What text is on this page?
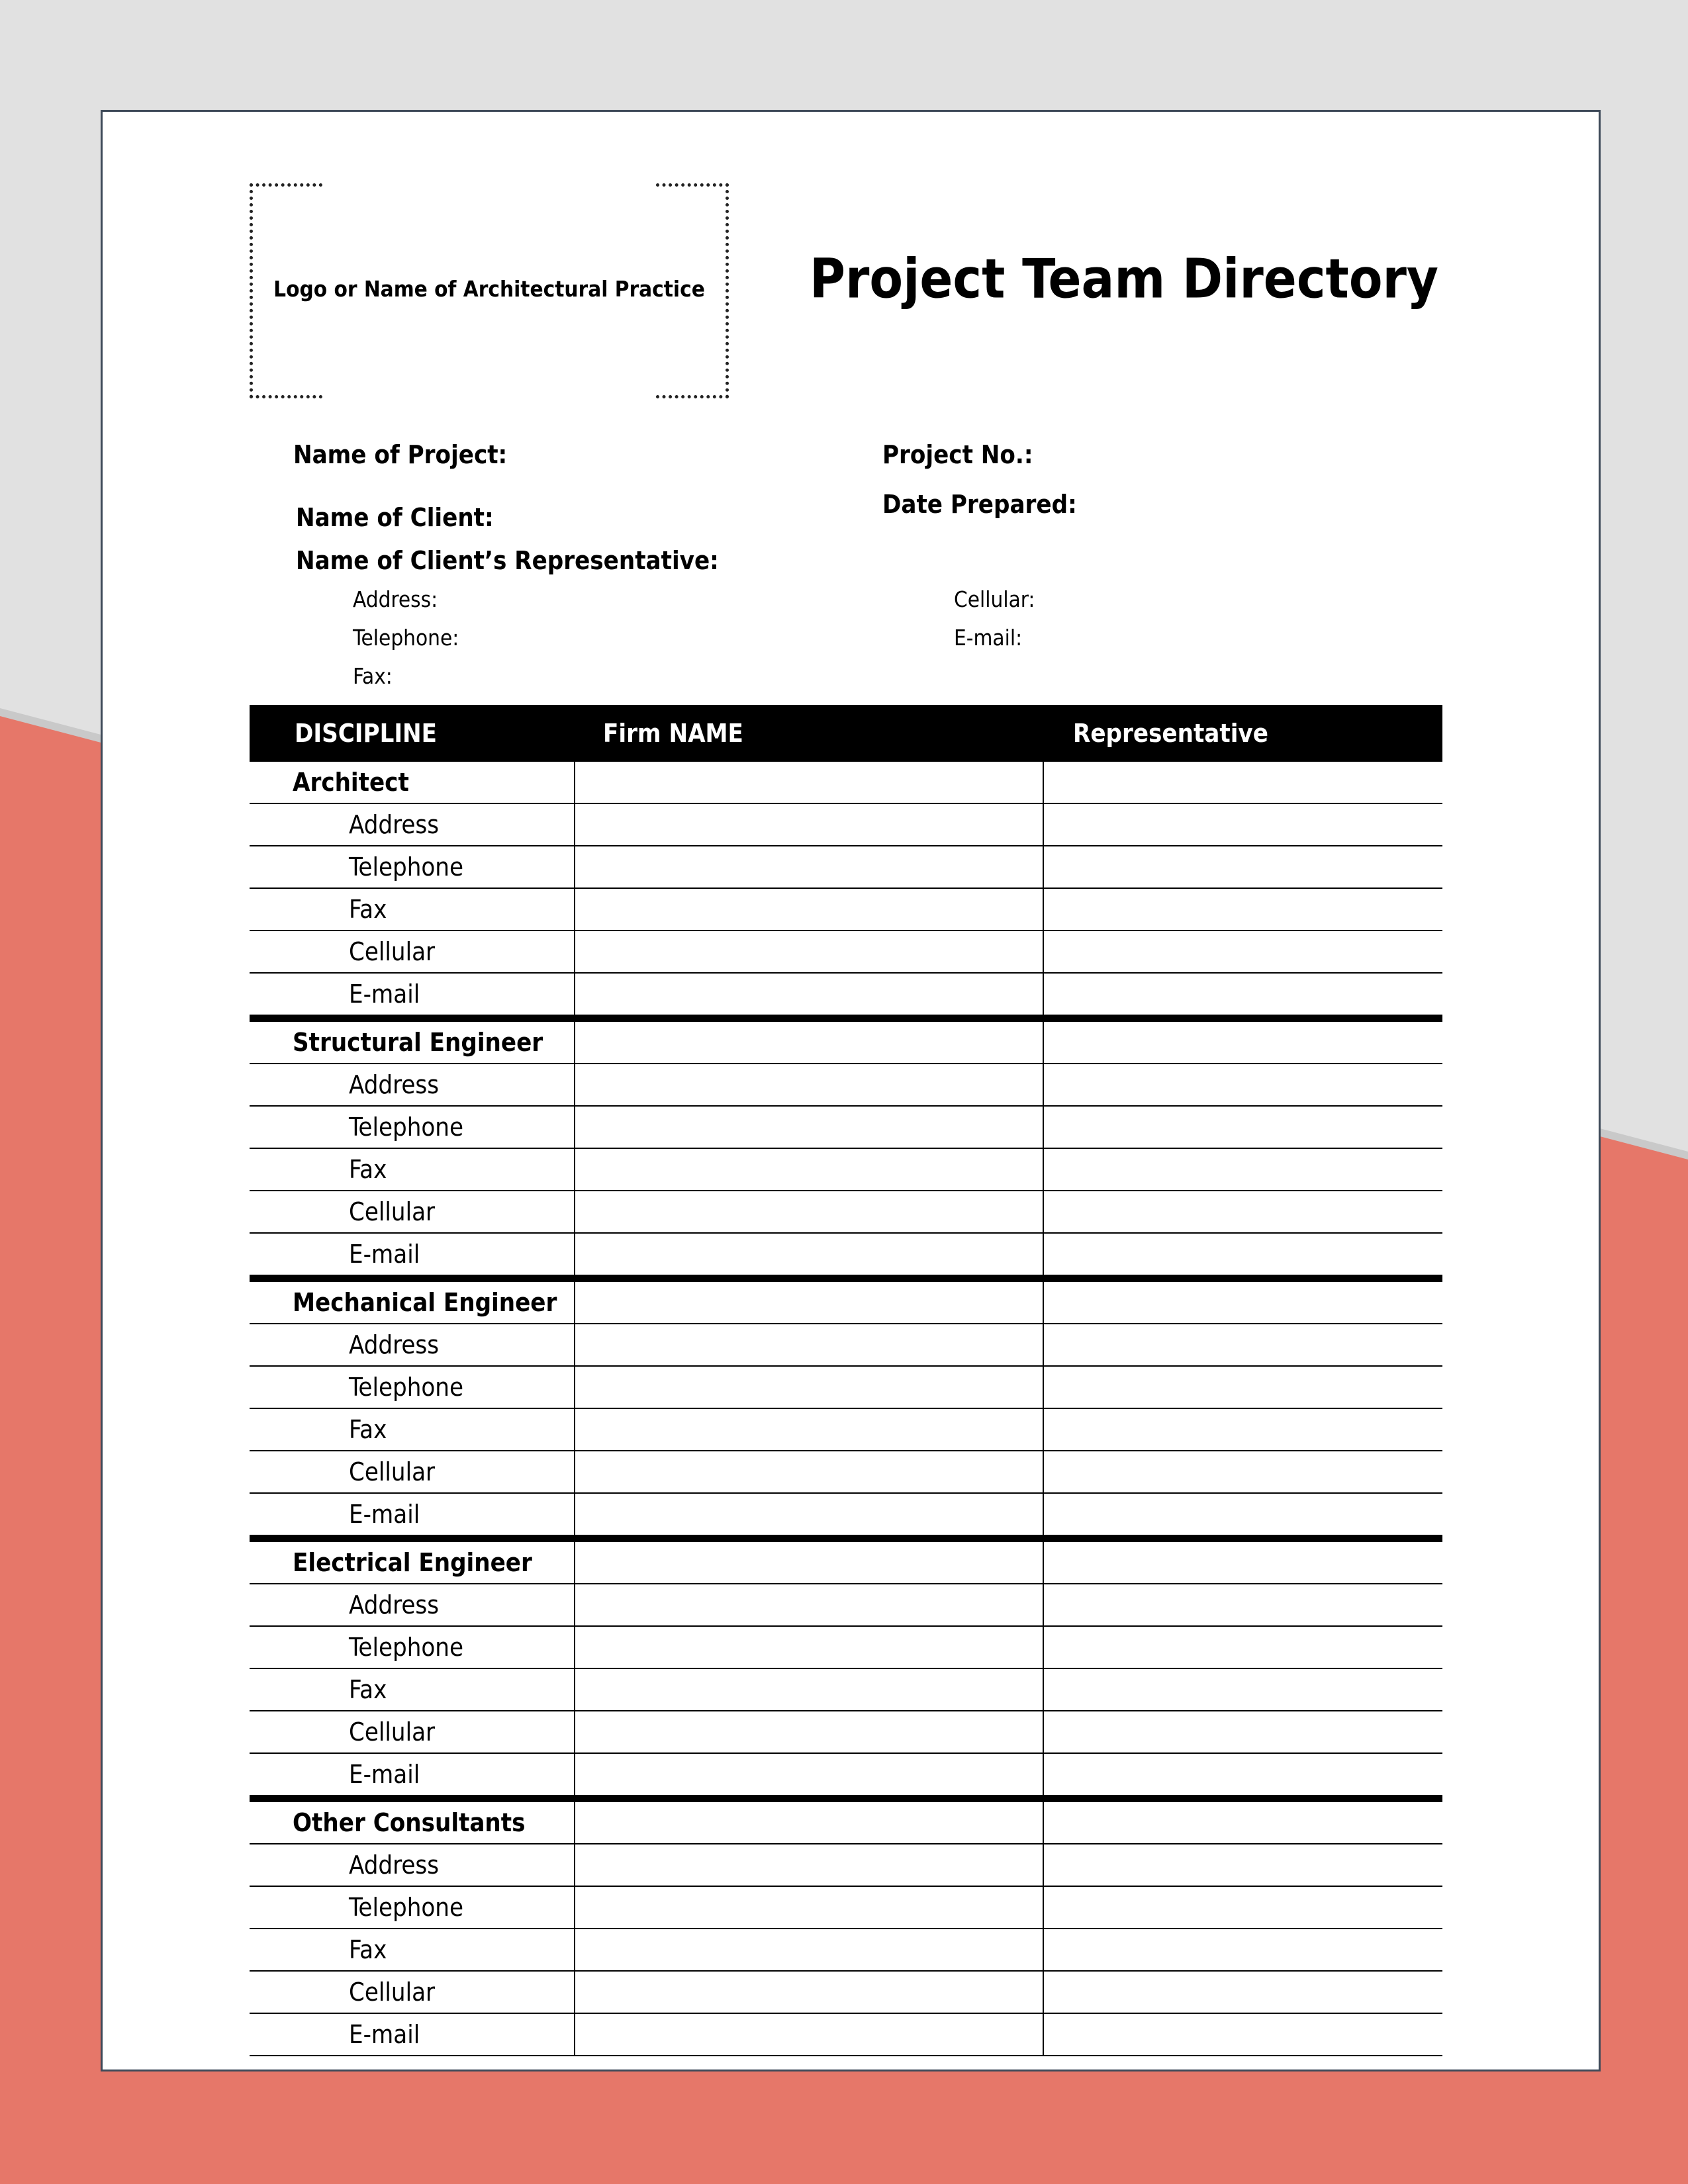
Logo or Name of Architectural Practice	Project Team Directory
Name of Project:	Project No.:
Name of Client:	Date Prepared:
Name of Client’s Representative:
Address:
Telephone:
Fax:
Cellular:
E-mail:
DISCIPLINE	Firm NAME	Representative
Architect
Address
Telephone
Fax
Cellular
E-mail
Structural Engineer
Address
Telephone
Fax
Cellular
E-mail
Mechanical Engineer
Address
Telephone
Fax
Cellular
E-mail
Electrical Engineer
Address
Telephone
Fax
Cellular
E-mail
Other Consultants
Address
Telephone
Fax
Cellular
E-mail
